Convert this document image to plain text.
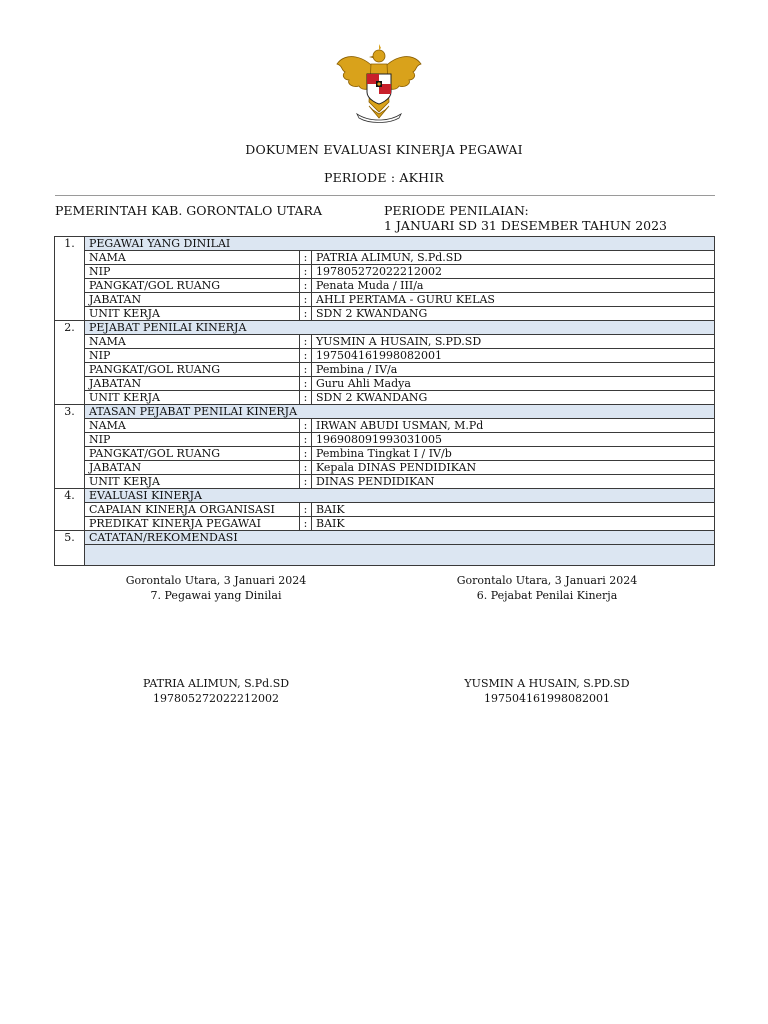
DOKUMEN EVALUASI KINERJA PEGAWAI
PERIODE : AKHIR
PEMERINTAH KAB. GORONTALO UTARA	PERIODE PENILAIAN:
1 JANUARI SD 31 DESEMBER TAHUN 2023
1.	PEGAWAI YANG DINILAI		
	NAMA	:	PATRIA ALIMUN, S.Pd.SD
	NIP	:	197805272022212002
	PANGKAT/GOL RUANG	:	Penata Muda / III/a
	JABATAN	:	AHLI PERTAMA - GURU KELAS
	UNIT KERJA	:	SDN 2 KWANDANG
2.	PEJABAT PENILAI KINERJA		
	NAMA	:	YUSMIN A HUSAIN, S.PD.SD
	NIP	:	197504161998082001
	PANGKAT/GOL RUANG	:	Pembina / IV/a
	JABATAN	:	Guru Ahli Madya
	UNIT KERJA	:	SDN 2 KWANDANG
3.	ATASAN PEJABAT PENILAI KINERJA		
	NAMA	:	IRWAN ABUDI USMAN, M.Pd
	NIP	:	196908091993031005
	PANGKAT/GOL RUANG	:	Pembina Tingkat I / IV/b
	JABATAN	:	Kepala DINAS PENDIDIKAN
	UNIT KERJA	:	DINAS PENDIDIKAN
4.	EVALUASI KINERJA		
	CAPAIAN KINERJA ORGANISASI	:	BAIK
	PREDIKAT KINERJA PEGAWAI	:	BAIK
5.	CATATAN/REKOMENDASI		

Gorontalo Utara, 3 Januari 2024
7. Pegawai yang Dinilai
PATRIA ALIMUN, S.Pd.SD
197805272022212002
Gorontalo Utara, 3 Januari 2024
6. Pejabat Penilai Kinerja
YUSMIN A HUSAIN, S.PD.SD
197504161998082001
